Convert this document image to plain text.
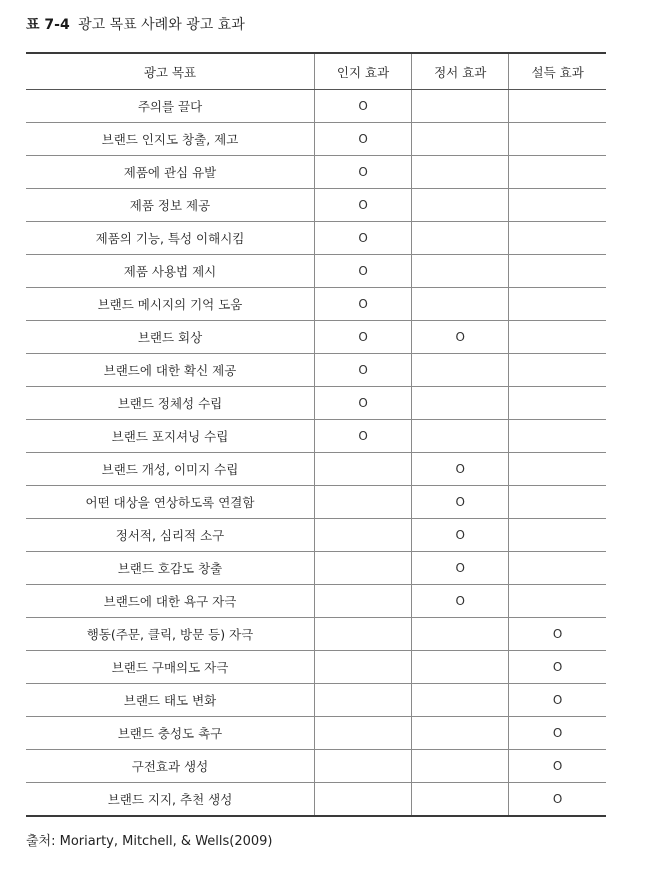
표 7-4 광고 목표 사례와 광고 효과
광고 목표	인지 효과	정서 효과	설득 효과
주의를 끌다	O		
브랜드 인지도 창출, 제고	O		
제품에 관심 유발	O		
제품 정보 제공	O		
제품의 기능, 특성 이해시킴	O		
제품 사용법 제시	O		
브랜드 메시지의 기억 도움	O		
브랜드 회상	O	O	
브랜드에 대한 확신 제공	O		
브랜드 정체성 수립	O		
브랜드 포지셔닝 수립	O		
브랜드 개성, 이미지 수립		O	
어떤 대상을 연상하도록 연결함		O	
정서적, 심리적 소구		O	
브랜드 호감도 창출		O	
브랜드에 대한 욕구 자극		O	
행동(주문, 클릭, 방문 등) 자극			O
브랜드 구매의도 자극			O
브랜드 태도 변화			O
브랜드 충성도 촉구			O
구전효과 생성			O
브랜드 지지, 추천 생성			O
출처: Moriarty, Mitchell, & Wells(2009)
